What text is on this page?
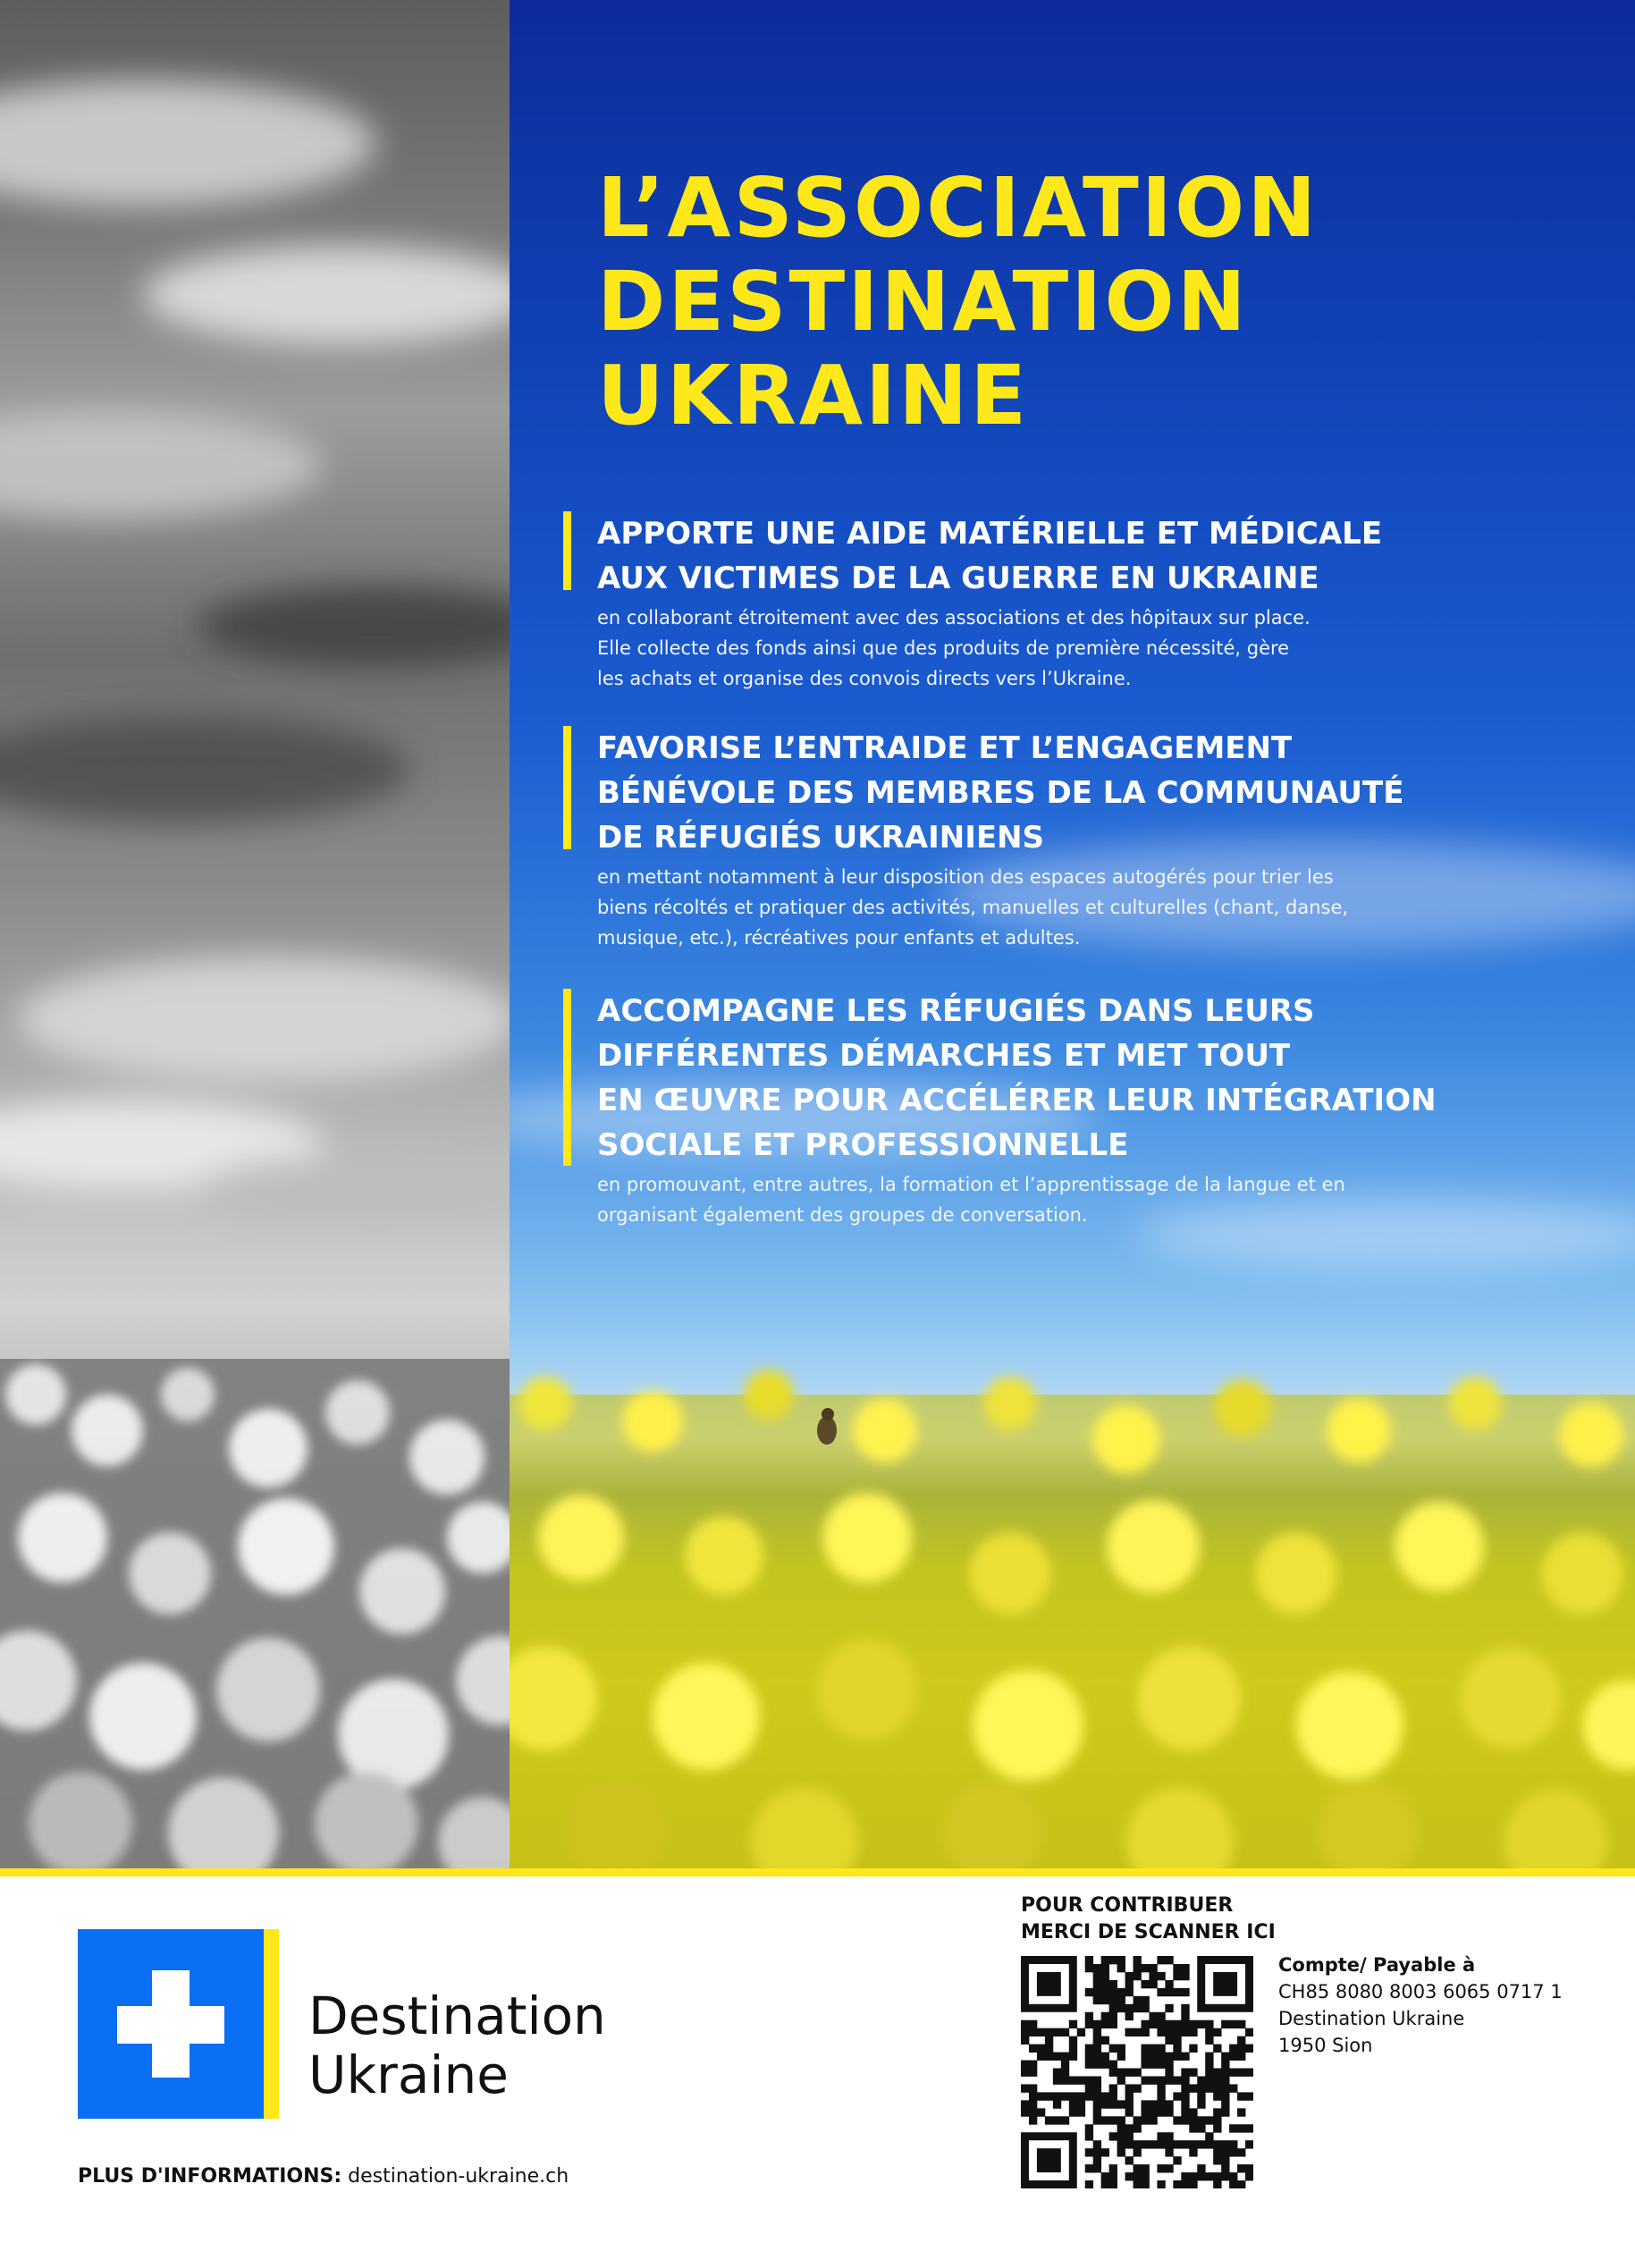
L’ASSOCIATION
DESTINATION
UKRAINE
APPORTE UNE AIDE MATÉRIELLE ET MÉDICALE
AUX VICTIMES DE LA GUERRE EN UKRAINE

en collaborant étroitement avec des associations et des hôpitaux sur place.
Elle collecte des fonds ainsi que des produits de première nécessité, gère
les achats et organise des convois directs vers l’Ukraine.

FAVORISE L’ENTRAIDE ET L’ENGAGEMENT
BÉNÉVOLE DES MEMBRES DE LA COMMUNAUTÉ
DE RÉFUGIÉS UKRAINIENS

en mettant notamment à leur disposition des espaces autogérés pour trier les
biens récoltés et pratiquer des activités, manuelles et culturelles (chant, danse,
musique, etc.), récréatives pour enfants et adultes.

ACCOMPAGNE LES RÉFUGIÉS DANS LEURS
DIFFÉRENTES DÉMARCHES ET MET TOUT
EN ŒUVRE POUR ACCÉLÉRER LEUR INTÉGRATION
SOCIALE ET PROFESSIONNELLE

en promouvant, entre autres, la formation et l’apprentissage de la langue et en
organisant également des groupes de conversation.

Destination
Ukraine
PLUS D'INFORMATIONS: destination-ukraine.ch
POUR CONTRIBUER
MERCI DE SCANNER ICI
Compte/ Payable à
CH85 8080 8003 6065 0717 1
Destination Ukraine
1950 Sion
